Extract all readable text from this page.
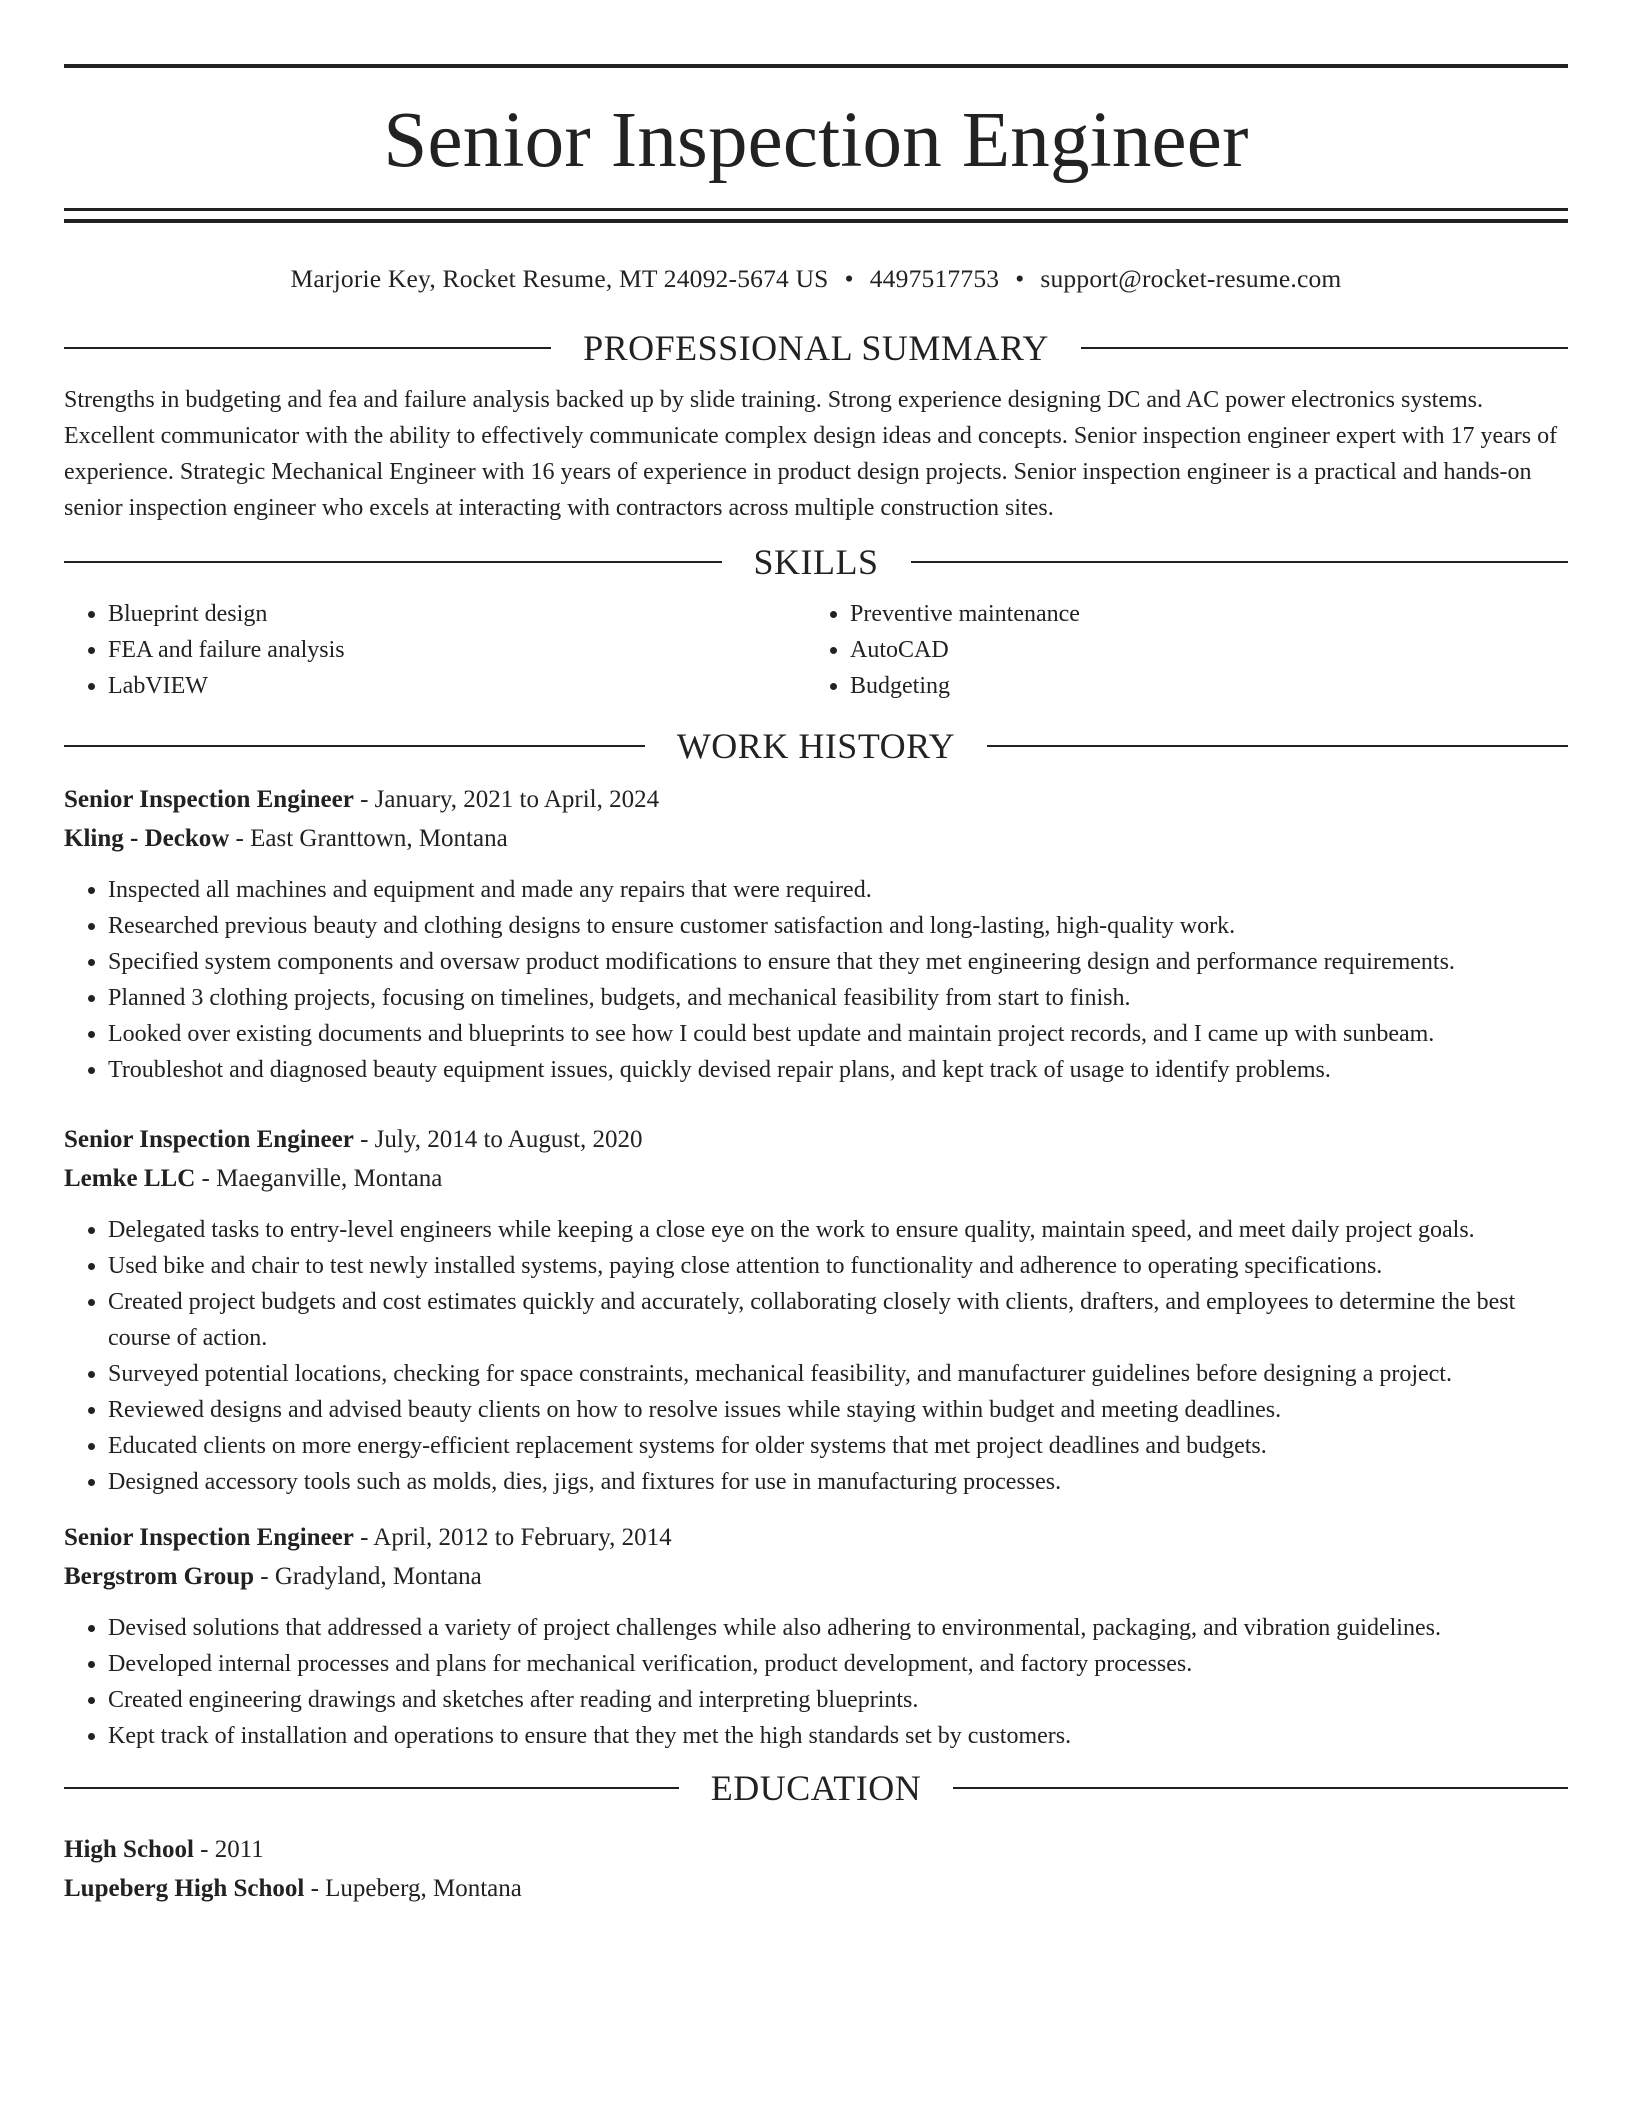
Senior Inspection Engineer
Marjorie Key, Rocket Resume, MT 24092-5674 US • 4497517753 • support@rocket-resume.com
PROFESSIONAL SUMMARY

Strengths in budgeting and fea and failure analysis backed up by slide training. Strong experience designing DC and AC power electronics systems. Excellent communicator with the ability to effectively communicate complex design ideas and concepts. Senior inspection engineer expert with 17 years of experience. Strategic Mechanical Engineer with 16 years of experience in product design projects. Senior inspection engineer is a practical and hands-on senior inspection engineer who excels at interacting with contractors across multiple construction sites.

SKILLS
• Blueprint design
• FEA and failure analysis
• LabVIEW
• Preventive maintenance
• AutoCAD
• Budgeting
WORK HISTORY
Senior Inspection Engineer - January, 2021 to April, 2024
Kling - Deckow - East Granttown, Montana
• Inspected all machines and equipment and made any repairs that were required.
• Researched previous beauty and clothing designs to ensure customer satisfaction and long-lasting, high-quality work.
• Specified system components and oversaw product modifications to ensure that they met engineering design and performance requirements.
• Planned 3 clothing projects, focusing on timelines, budgets, and mechanical feasibility from start to finish.
• Looked over existing documents and blueprints to see how I could best update and maintain project records, and I came up with sunbeam.
• Troubleshot and diagnosed beauty equipment issues, quickly devised repair plans, and kept track of usage to identify problems.
Senior Inspection Engineer - July, 2014 to August, 2020
Lemke LLC - Maeganville, Montana
• Delegated tasks to entry-level engineers while keeping a close eye on the work to ensure quality, maintain speed, and meet daily project goals.
• Used bike and chair to test newly installed systems, paying close attention to functionality and adherence to operating specifications.
• Created project budgets and cost estimates quickly and accurately, collaborating closely with clients, drafters, and employees to determine the best course of action.
• Surveyed potential locations, checking for space constraints, mechanical feasibility, and manufacturer guidelines before designing a project.
• Reviewed designs and advised beauty clients on how to resolve issues while staying within budget and meeting deadlines.
• Educated clients on more energy-efficient replacement systems for older systems that met project deadlines and budgets.
• Designed accessory tools such as molds, dies, jigs, and fixtures for use in manufacturing processes.
Senior Inspection Engineer - April, 2012 to February, 2014
Bergstrom Group - Gradyland, Montana
• Devised solutions that addressed a variety of project challenges while also adhering to environmental, packaging, and vibration guidelines.
• Developed internal processes and plans for mechanical verification, product development, and factory processes.
• Created engineering drawings and sketches after reading and interpreting blueprints.
• Kept track of installation and operations to ensure that they met the high standards set by customers.
EDUCATION
High School - 2011
Lupeberg High School - Lupeberg, Montana
